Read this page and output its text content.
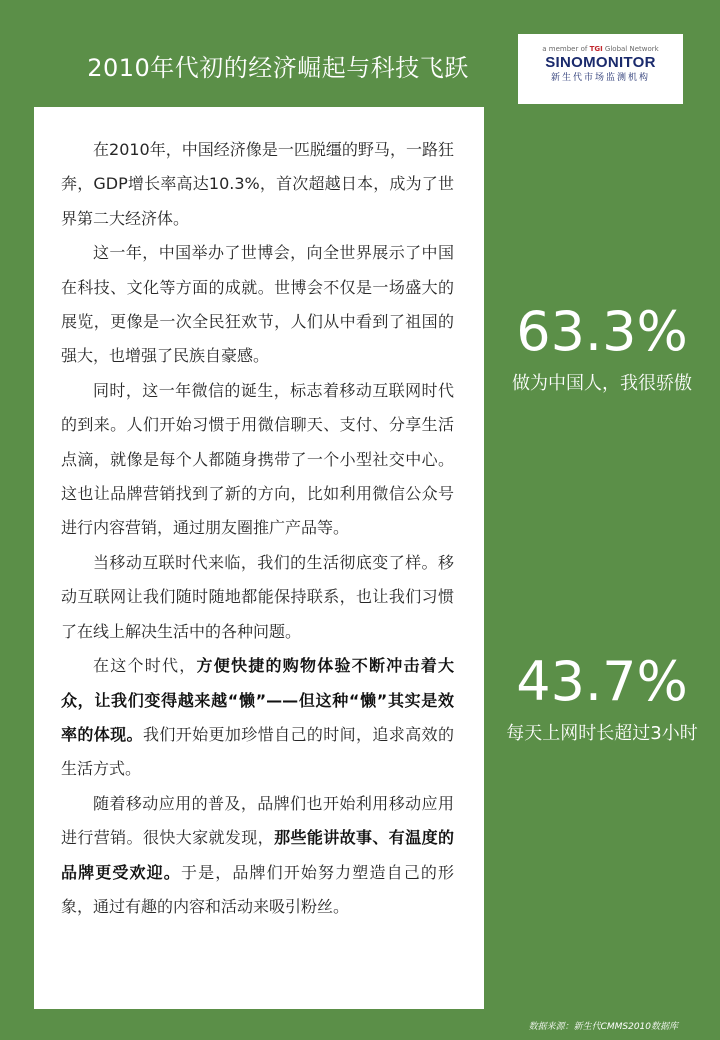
2010年代初的经济崛起与科技飞跃
a member of TGI Global Network
SINOMONITOR
新生代市场监测机构

在2010年，中国经济像是一匹脱缰的野马，一路狂奔，GDP增长率高达10.3%，首次超越日本，成为了世界第二大经济体。

这一年，中国举办了世博会，向全世界展示了中国在科技、文化等方面的成就。世博会不仅是一场盛大的展览，更像是一次全民狂欢节，人们从中看到了祖国的强大，也增强了民族自豪感。

同时，这一年微信的诞生，标志着移动互联网时代的到来。人们开始习惯于用微信聊天、支付、分享生活点滴，就像是每个人都随身携带了一个小型社交中心。这也让品牌营销找到了新的方向，比如利用微信公众号进行内容营销，通过朋友圈推广产品等。

当移动互联时代来临，我们的生活彻底变了样。移动互联网让我们随时随地都能保持联系，也让我们习惯了在线上解决生活中的各种问题。

在这个时代，方便快捷的购物体验不断冲击着大众，让我们变得越来越“懒”——但这种“懒”其实是效率的体现。我们开始更加珍惜自己的时间，追求高效的生活方式。

随着移动应用的普及，品牌们也开始利用移动应用进行营销。很快大家就发现，那些能讲故事、有温度的品牌更受欢迎。于是，品牌们开始努力塑造自己的形象，通过有趣的内容和活动来吸引粉丝。

63.3%
做为中国人，我很骄傲
43.7%
每天上网时长超过3小时
数据来源：新生代CMMS2010数据库
